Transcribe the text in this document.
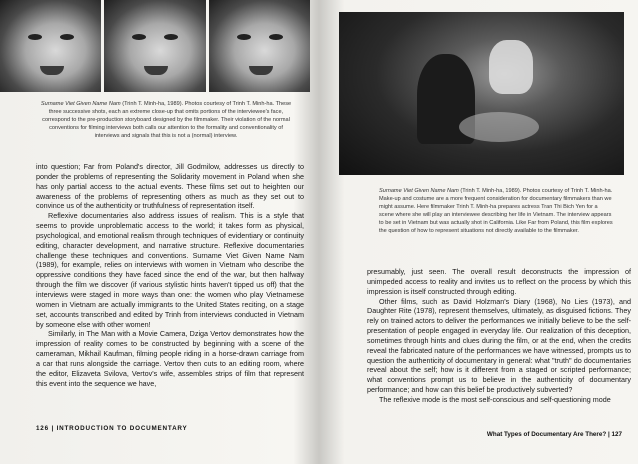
Surname Viet Given Name Nam (Trinh T. Minh-ha, 1989). Photos courtesy of Trinh T. Minh-ha. These three successive shots, each an extreme close-up that omits portions of the interviewee's face, correspond to the pre-production storyboard designed by the filmmaker. Their violation of the normal conventions for filming interviews both calls our attention to the formality and conventionality of interviews and signals that this is not a (normal) interview.

into question; Far from Poland's director, Jill Godmilow, addresses us directly to ponder the problems of representing the Solidarity movement in Poland when she has only partial access to the actual events. These films set out to heighten our awareness of the problems of representing others as much as they set out to convince us of the authenticity or truthfulness of representation itself.

Reflexive documentaries also address issues of realism. This is a style that seems to provide unproblematic access to the world; it takes form as physical, psychological, and emotional realism through techniques of evidentiary or continuity editing, character development, and narrative structure. Reflexive documentaries challenge these techniques and conventions. Surname Viet Given Name Nam (1989), for example, relies on interviews with women in Vietnam who describe the oppressive conditions they have faced since the end of the war, but then halfway through the film we discover (if various stylistic hints haven't tipped us off) that the interviews were staged in more ways than one: the women who play Vietnamese women in Vietnam are actually immigrants to the United States reciting, on a stage set, accounts transcribed and edited by Trinh from interviews conducted in Vietnam by someone else with other women!

Similarly, in The Man with a Movie Camera, Dziga Vertov demonstrates how the impression of reality comes to be constructed by beginning with a scene of the cameraman, Mikhail Kaufman, filming people riding in a horse-drawn carriage from a car that runs alongside the carriage. Vertov then cuts to an editing room, where the editor, Elizaveta Svilova, Vertov's wife, assembles strips of film that represent this event into the sequence we have,

126 | INTRODUCTION TO DOCUMENTARY
Surname Viet Given Name Nam (Trinh T. Minh-ha, 1989). Photos courtesy of Trinh T. Minh-ha. Make-up and costume are a more frequent consideration for documentary filmmakers than we might assume. Here filmmaker Trinh T. Minh-ha prepares actress Tran Thi Bich Yen for a scene where she will play an interviewee describing her life in Vietnam. The interview appears to be set in Vietnam but was actually shot in California. Like Far from Poland, this film explores the question of how to represent situations not directly available to the filmmaker.

presumably, just seen. The overall result deconstructs the impression of unimpeded access to reality and invites us to reflect on the process by which this impression is itself constructed through editing.

Other films, such as David Holzman's Diary (1968), No Lies (1973), and Daughter Rite (1978), represent themselves, ultimately, as disguised fictions. They rely on trained actors to deliver the performances we initially believe to be the self-presentation of people engaged in everyday life. Our realization of this deception, sometimes through hints and clues during the film, or at the end, when the credits reveal the fabricated nature of the performances we have witnessed, prompts us to question the authenticity of documentary in general: what "truth" do documentaries reveal about the self; how is it different from a staged or scripted performance; what conventions prompt us to believe in the authenticity of documentary performance; and how can this belief be productively subverted?

The reflexive mode is the most self-conscious and self-questioning mode

What Types of Documentary Are There? | 127
